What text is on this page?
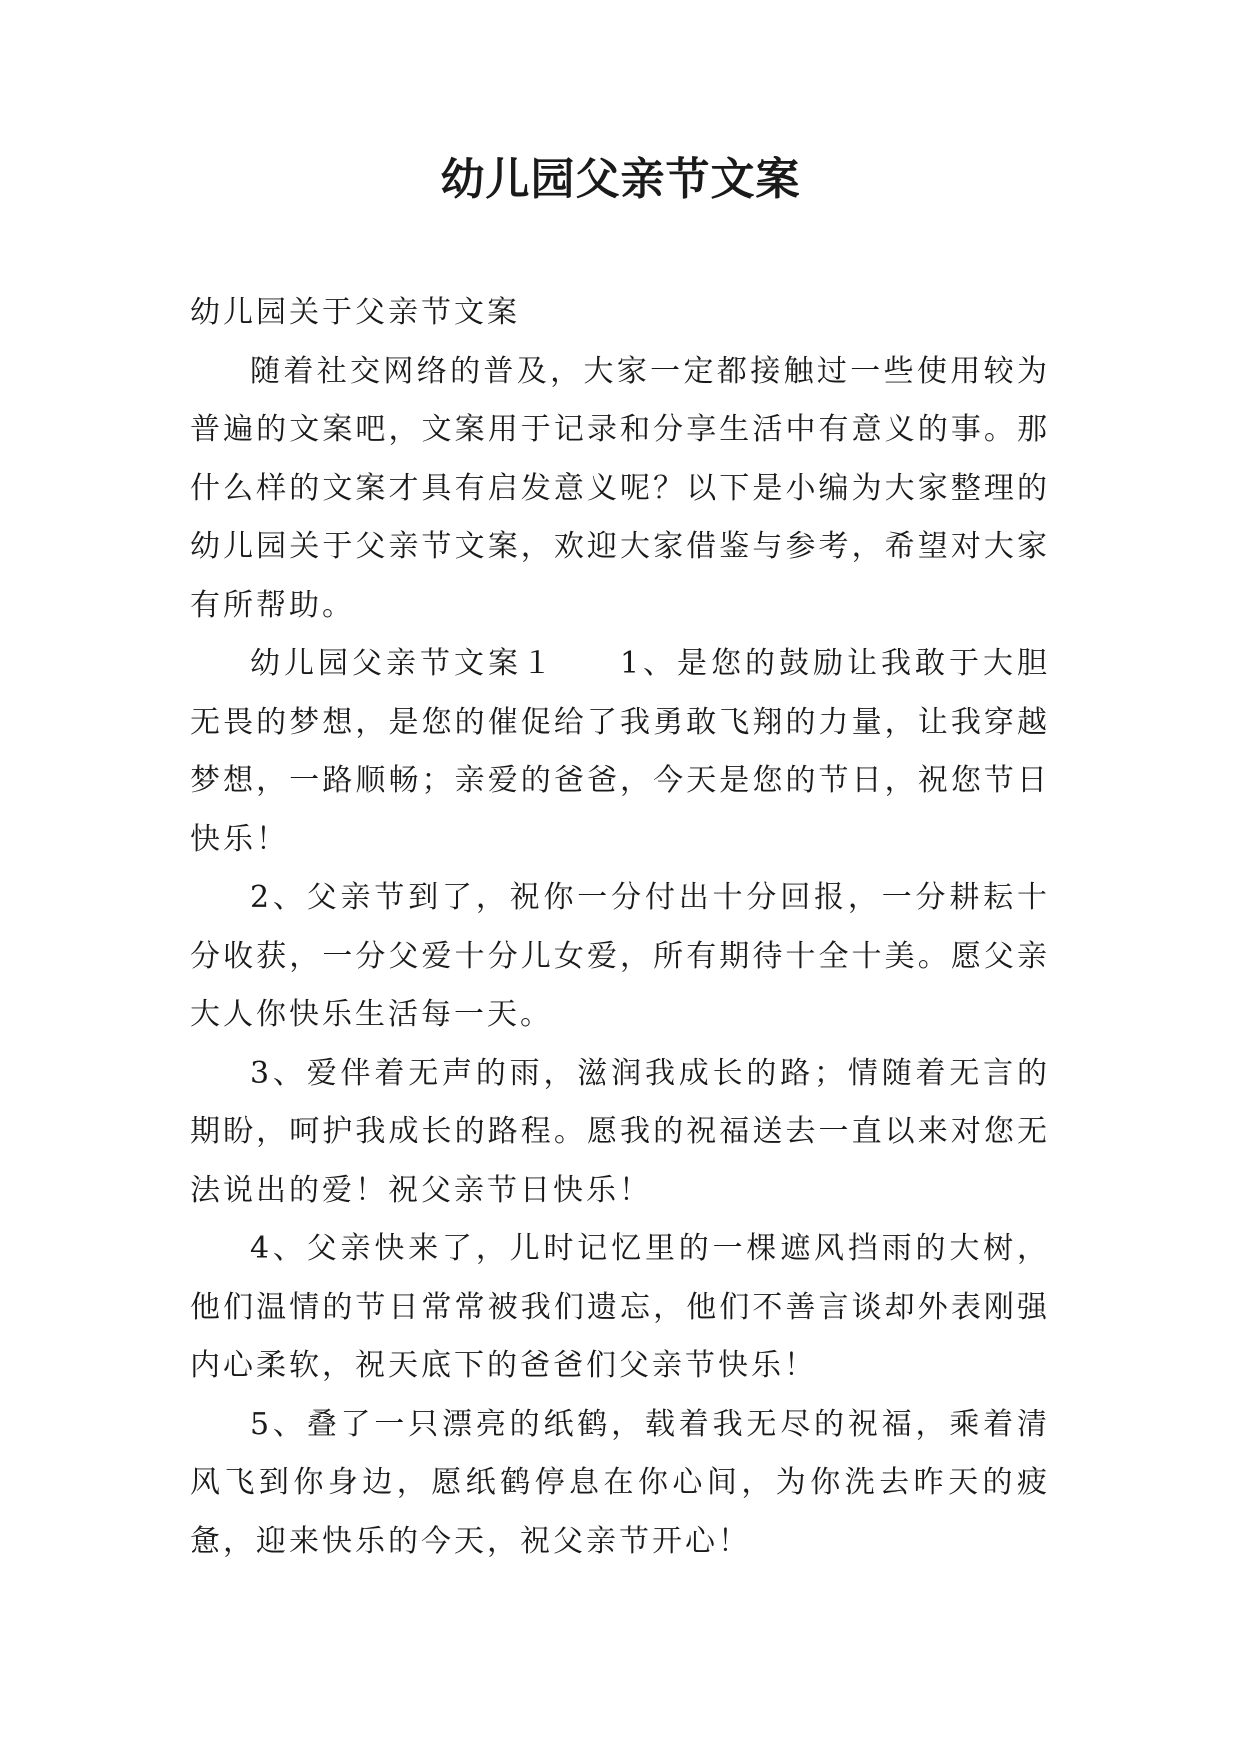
幼儿园父亲节文案

幼儿园关于父亲节文案

随着社交网络的普及，大家一定都接触过一些使用较为普遍的文案吧，文案用于记录和分享生活中有意义的事。那什么样的文案才具有启发意义呢？以下是小编为大家整理的幼儿园关于父亲节文案，欢迎大家借鉴与参考，希望对大家有所帮助。

幼儿园父亲节文案１ 1、是您的鼓励让我敢于大胆无畏的梦想，是您的催促给了我勇敢飞翔的力量，让我穿越梦想，一路顺畅；亲爱的爸爸，今天是您的节日，祝您节日快乐！

2、父亲节到了，祝你一分付出十分回报，一分耕耘十分收获，一分父爱十分儿女爱，所有期待十全十美。愿父亲大人你快乐生活每一天。

3、爱伴着无声的雨，滋润我成长的路；情随着无言的期盼，呵护我成长的路程。愿我的祝福送去一直以来对您无法说出的爱！祝父亲节日快乐！

4、父亲快来了，儿时记忆里的一棵遮风挡雨的大树，他们温情的节日常常被我们遗忘，他们不善言谈却外表刚强内心柔软，祝天底下的爸爸们父亲节快乐！

5、叠了一只漂亮的纸鹤，载着我无尽的祝福，乘着清风飞到你身边，愿纸鹤停息在你心间，为你洗去昨天的疲惫，迎来快乐的今天，祝父亲节开心！
